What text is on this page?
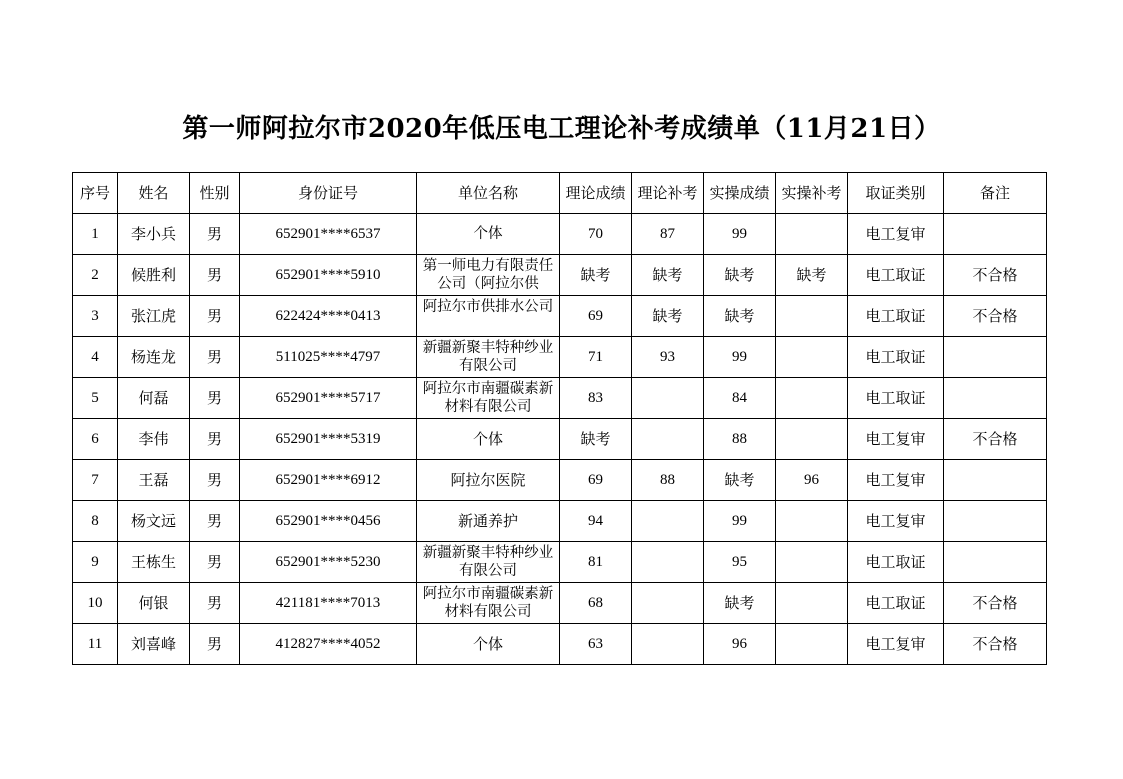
第一师阿拉尔市2020年低压电工理论补考成绩单（11月21日）
序号	姓名	性别	身份证号	单位名称	理论成绩	理论补考	实操成绩	实操补考	取证类别	备注
1	李小兵	男	652901****6537	个体	70	87	99		电工复审	
2	候胜利	男	652901****5910	第一师电力有限责任公司（阿拉尔供	缺考	缺考	缺考	缺考	电工取证	不合格
3	张江虎	男	622424****0413	阿拉尔市供排水公司	69	缺考	缺考		电工取证	不合格
4	杨连龙	男	511025****4797	新疆新聚丰特种纱业有限公司	71	93	99		电工取证	
5	何磊	男	652901****5717	阿拉尔市南疆碳素新材料有限公司	83		84		电工取证	
6	李伟	男	652901****5319	个体	缺考		88		电工复审	不合格
7	王磊	男	652901****6912	阿拉尔医院	69	88	缺考	96	电工复审	
8	杨文远	男	652901****0456	新通养护	94		99		电工复审	
9	王栋生	男	652901****5230	新疆新聚丰特种纱业有限公司	81		95		电工取证	
10	何银	男	421181****7013	阿拉尔市南疆碳素新材料有限公司	68		缺考		电工取证	不合格
11	刘喜峰	男	412827****4052	个体	63		96		电工复审	不合格
